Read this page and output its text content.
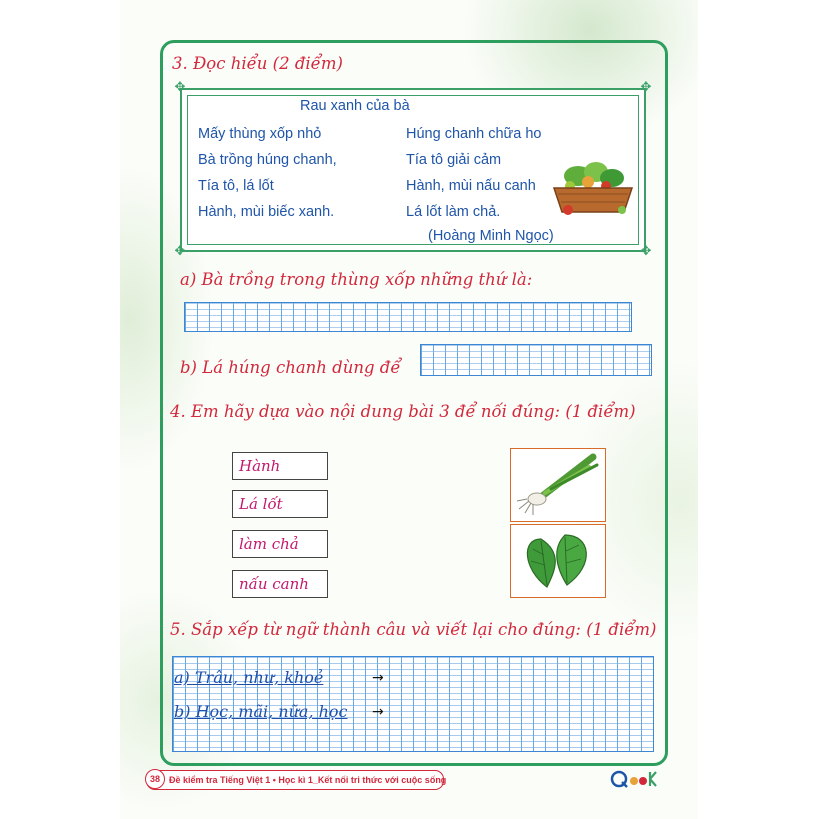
3. Đọc hiểu (2 điểm)
✥	✥
✥	✥
Rau xanh của bà
Mấy thùng xốp nhỏ
Bà trồng húng chanh,
Tía tô, lá lốt
Hành, mùi biếc xanh.
Húng chanh chữa ho
Tía tô giải cảm
Hành, mùi nấu canh
Lá lốt làm chả.
(Hoàng Minh Ngọc)
a) Bà trồng trong thùng xốp những thứ là:
b) Lá húng chanh dùng để
4. Em hãy dựa vào nội dung bài 3 để nối đúng: (1 điểm)
Hành
Lá lốt
làm chả
nấu canh
5. Sắp xếp từ ngữ thành câu và viết lại cho đúng: (1 điểm)
a) Trâu, như, khoẻ	→
b) Học, mãi, nữa, học →
38	Đề kiểm tra Tiếng Việt 1 • Học kì 1_Kết nối tri thức với cuộc sống
